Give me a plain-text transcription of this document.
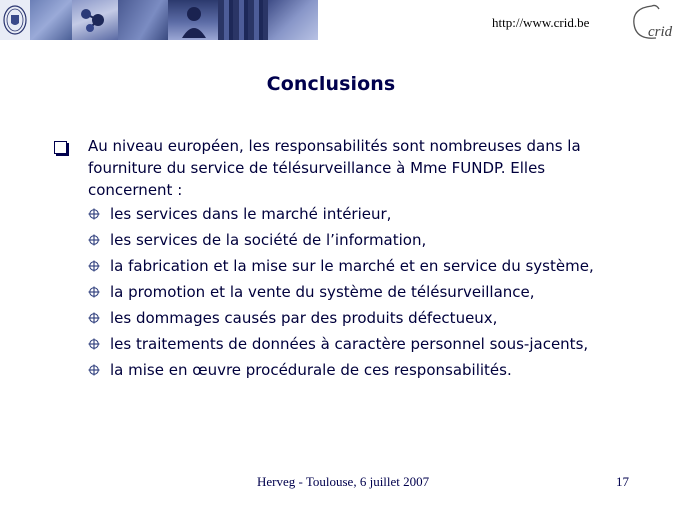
http://www.crid.be
crid
Conclusions
Au niveau européen, les responsabilités sont nombreuses dans la fourniture du service de télésurveillance à Mme FUNDP. Elles concernent :
les services dans le marché intérieur,
les services de la société de l’information,
la fabrication et la mise sur le marché et en service du système,
la promotion et la vente du système de télésurveillance,
les dommages causés par des produits défectueux,
les traitements de données à caractère personnel sous-jacents,
la mise en œuvre procédurale de ces responsabilités.
Herveg - Toulouse, 6 juillet 2007	17
